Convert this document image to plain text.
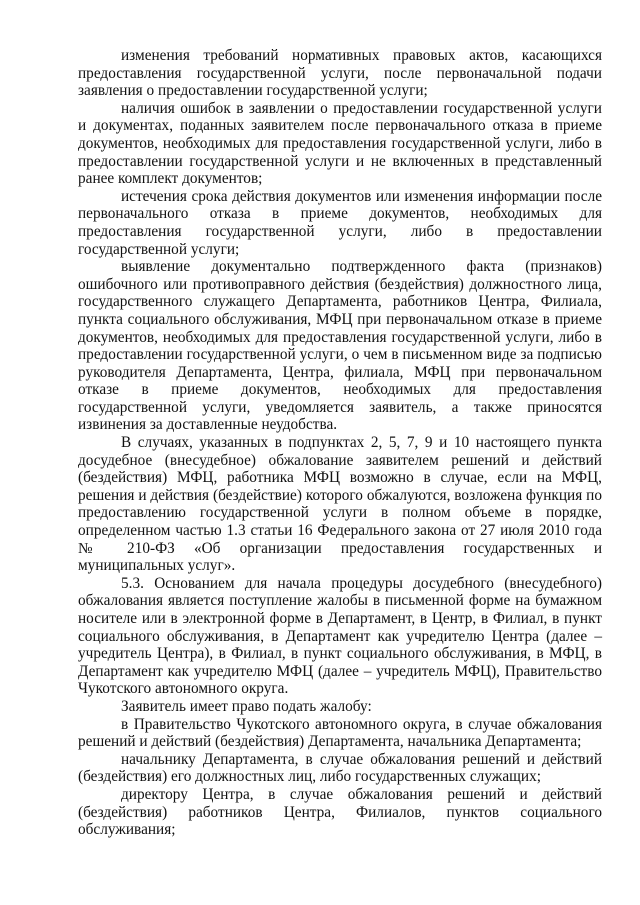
изменения требований нормативных правовых актов, касающихся предоставления государственной услуги, после первоначальной подачи заявления о предоставлении государственной услуги;

наличия ошибок в заявлении о предоставлении государственной услуги и документах, поданных заявителем после первоначального отказа в приеме документов, необходимых для предоставления государственной услуги, либо в предоставлении государственной услуги и не включенных в представленный ранее комплект документов;

истечения срока действия документов или изменения информации после первоначального отказа в приеме документов, необходимых для предоставления государственной услуги, либо в предоставлении государственной услуги;

выявление документально подтвержденного факта (признаков) ошибочного или противоправного действия (бездействия) должностного лица, государственного служащего Департамента, работников Центра, Филиала, пункта социального обслуживания, МФЦ при первоначальном отказе в приеме документов, необходимых для предоставления государственной услуги, либо в предоставлении государственной услуги, о чем в письменном виде за подписью руководителя Департамента, Центра, филиала, МФЦ при первоначальном отказе в приеме документов, необходимых для предоставления государственной услуги, уведомляется заявитель, а также приносятся извинения за доставленные неудобства.

В случаях, указанных в подпунктах 2, 5, 7, 9 и 10 настоящего пункта досудебное (внесудебное) обжалование заявителем решений и действий (бездействия) МФЦ, работника МФЦ возможно в случае, если на МФЦ, решения и действия (бездействие) которого обжалуются, возложена функция по предоставлению государственной услуги в полном объеме в порядке, определенном частью 1.3 статьи 16 Федерального закона от 27 июля 2010 года № 210-ФЗ «Об организации предоставления государственных и муниципальных услуг».

5.3. Основанием для начала процедуры досудебного (внесудебного) обжалования является поступление жалобы в письменной форме на бумажном носителе или в электронной форме в Департамент, в Центр, в Филиал, в пункт социального обслуживания, в Департамент как учредителю Центра (далее – учредитель Центра), в Филиал, в пункт социального обслуживания, в МФЦ, в Департамент как учредителю МФЦ (далее – учредитель МФЦ), Правительство Чукотского автономного округа.

Заявитель имеет право подать жалобу:

в Правительство Чукотского автономного округа, в случае обжалования решений и действий (бездействия) Департамента, начальника Департамента;

начальнику Департамента, в случае обжалования решений и действий (бездействия) его должностных лиц, либо государственных служащих;

директору Центра, в случае обжалования решений и действий (бездействия) работников Центра, Филиалов, пунктов социального обслуживания;
